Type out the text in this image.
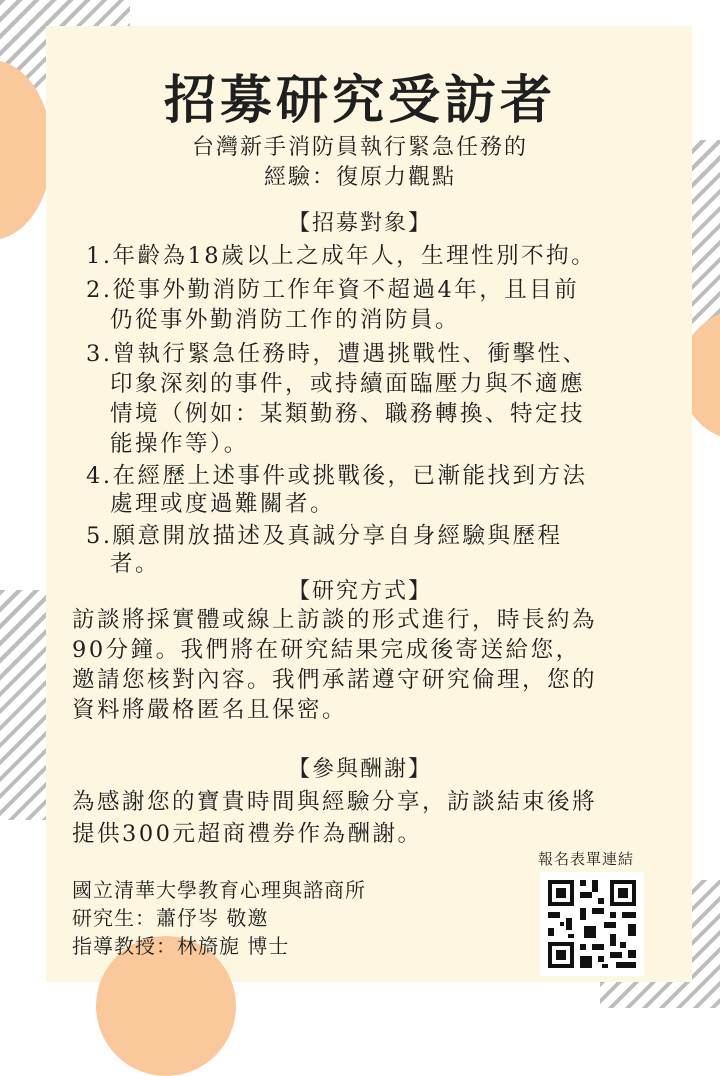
招募研究受訪者
台灣新手消防員執行緊急任務的
經驗：復原力觀點
【招募對象】
1.年齡為18歲以上之成年人，生理性別不拘。
2.從事外勤消防工作年資不超過4年，且目前
仍從事外勤消防工作的消防員。
3.曾執行緊急任務時，遭遇挑戰性、衝擊性、
印象深刻的事件，或持續面臨壓力與不適應
情境（例如：某類勤務、職務轉換、特定技
能操作等）。
4.在經歷上述事件或挑戰後，已漸能找到方法
處理或度過難關者。
5.願意開放描述及真誠分享自身經驗與歷程
者。
【研究方式】
訪談將採實體或線上訪談的形式進行，時長約為
90分鐘。我們將在研究結果完成後寄送給您，
邀請您核對內容。我們承諾遵守研究倫理，您的
資料將嚴格匿名且保密。
【參與酬謝】
為感謝您的寶貴時間與經驗分享，訪談結束後將
提供300元超商禮券作為酬謝。
國立清華大學教育心理與諮商所
研究生：蕭伃岑 敬邀
指導教授：林旖旎 博士
報名表單連結
